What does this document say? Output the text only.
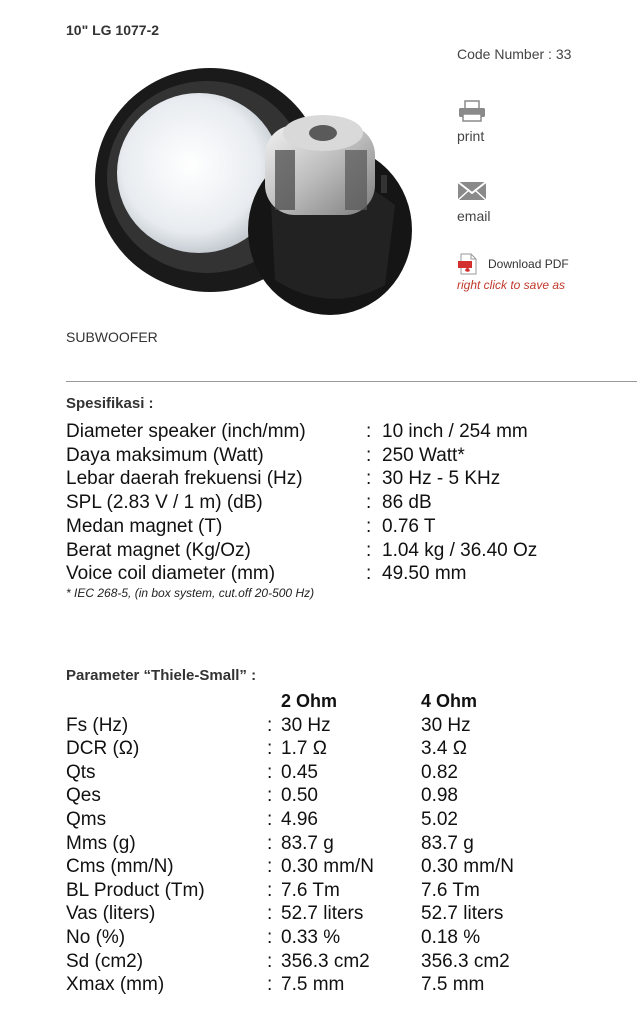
10" LG 1077-2
Code Number : 33
print
email
Download PDF
right click to save as
SUBWOOFER
Spesifikasi :
Diameter speaker (inch/mm)	:	10 inch / 254 mm
Daya maksimum (Watt)	:	250 Watt*
Lebar daerah frekuensi (Hz)	:	30 Hz - 5 KHz
SPL (2.83 V / 1 m) (dB)	:	86 dB
Medan magnet (T)	:	0.76 T
Berat magnet (Kg/Oz)	:	1.04 kg / 36.40 Oz
Voice coil diameter (mm)	:	49.50 mm
* IEC 268-5, (in box system, cut.off 20-500 Hz)
Parameter “Thiele-Small” :
		2 Ohm	4 Ohm
Fs (Hz)	:	30 Hz	30 Hz
DCR (Ω)	:	1.7 Ω	3.4 Ω
Qts	:	0.45	0.82
Qes	:	0.50	0.98
Qms	:	4.96	5.02
Mms (g)	:	83.7 g	83.7 g
Cms (mm/N)	:	0.30 mm/N	0.30 mm/N
BL Product (Tm)	:	7.6 Tm	7.6 Tm
Vas (liters)	:	52.7 liters	52.7 liters
No (%)	:	0.33 %	0.18 %
Sd (cm2)	:	356.3 cm2	356.3 cm2
Xmax (mm)	:	7.5 mm	7.5 mm
